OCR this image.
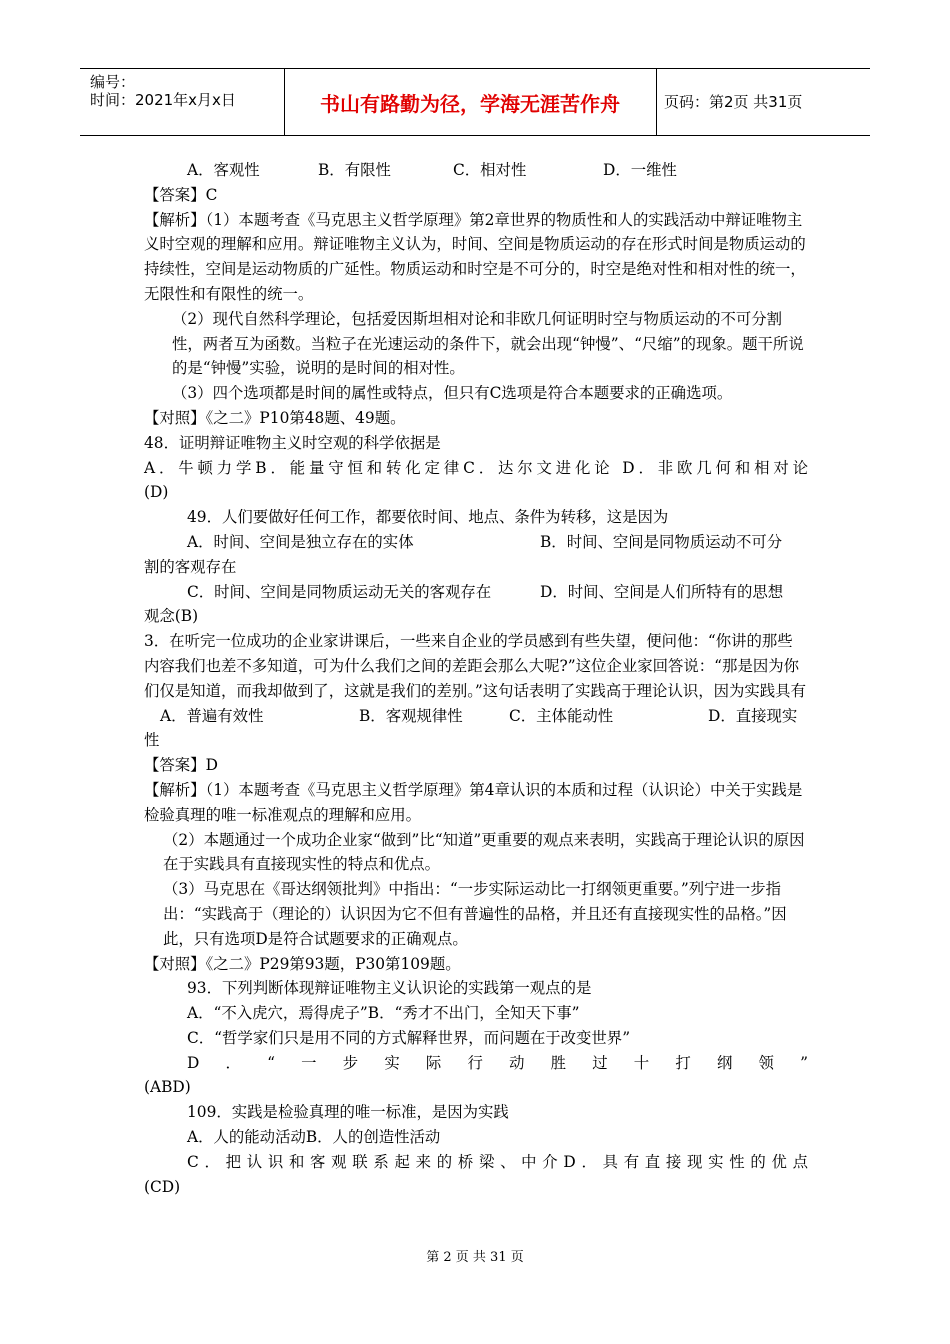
编号：
时间：2021年x月x日	书山有路勤为径，学海无涯苦作舟	页码：第2页 共31页
A．客观性	B．有限性	C．相对性	D．一维性

【答案】C

【解析】（1）本题考查《马克思主义哲学原理》第2章世界的物质性和人的实践活动中辩证唯物主义时空观的理解和应用。辩证唯物主义认为，时间、空间是物质运动的存在形式时间是物质运动的持续性，空间是运动物质的广延性。物质运动和时空是不可分的，时空是绝对性和相对性的统一，无限性和有限性的统一。

（2）现代自然科学理论，包括爱因斯坦相对论和非欧几何证明时空与物质运动的不可分割性，两者互为函数。当粒子在光速运动的条件下，就会出现“钟慢”、“尺缩”的现象。题干所说的是“钟慢”实验，说明的是时间的相对性。

（3）四个选项都是时间的属性或特点，但只有C选项是符合本题要求的正确选项。

【对照】《之二》P10第48题、49题。

48．证明辩证唯物主义时空观的科学依据是

A．牛顿力学B．能量守恒和转化定律C．达尔文进化论 D．非欧几何和相对论

(D)

49．人们要做好任何工作，都要依时间、地点、条件为转移，这是因为

A．时间、空间是独立存在的实体	B．时间、空间是同物质运动不可分

割的客观存在

C．时间、空间是同物质运动无关的客观存在	D．时间、空间是人们所特有的思想

观念(B)

3．在听完一位成功的企业家讲课后，一些来自企业的学员感到有些失望，便问他：“你讲的那些内容我们也差不多知道，可为什么我们之间的差距会那么大呢?”这位企业家回答说：“那是因为你们仅是知道，而我却做到了，这就是我们的差别。”这句话表明了实践高于理论认识，因为实践具有

A．普遍有效性	B．客观规律性	C．主体能动性	D．直接现实

性

【答案】D

【解析】（1）本题考查《马克思主义哲学原理》第4章认识的本质和过程（认识论）中关于实践是检验真理的唯一标准观点的理解和应用。

（2）本题通过一个成功企业家“做到”比“知道”更重要的观点来表明，实践高于理论认识的原因在于实践具有直接现实性的特点和优点。

（3）马克思在《哥达纲领批判》中指出：“一步实际运动比一打纲领更重要。”列宁进一步指出：“实践高于（理论的）认识因为它不但有普遍性的品格，并且还有直接现实性的品格。”因此，只有选项D是符合试题要求的正确观点。

【对照】《之二》P29第93题，P30第109题。

93．下列判断体现辩证唯物主义认识论的实践第一观点的是

A．“不入虎穴，焉得虎子”B．“秀才不出门，全知天下事”

C．“哲学家们只是用不同的方式解释世界，而问题在于改变世界”

D．“一步实际行动胜过十打纲领”

(ABD)

109．实践是检验真理的唯一标准，是因为实践

A．人的能动活动B．人的创造性活动

C．把认识和客观联系起来的桥梁、中介D．具有直接现实性的优点

(CD)

第 2 页 共 31 页
